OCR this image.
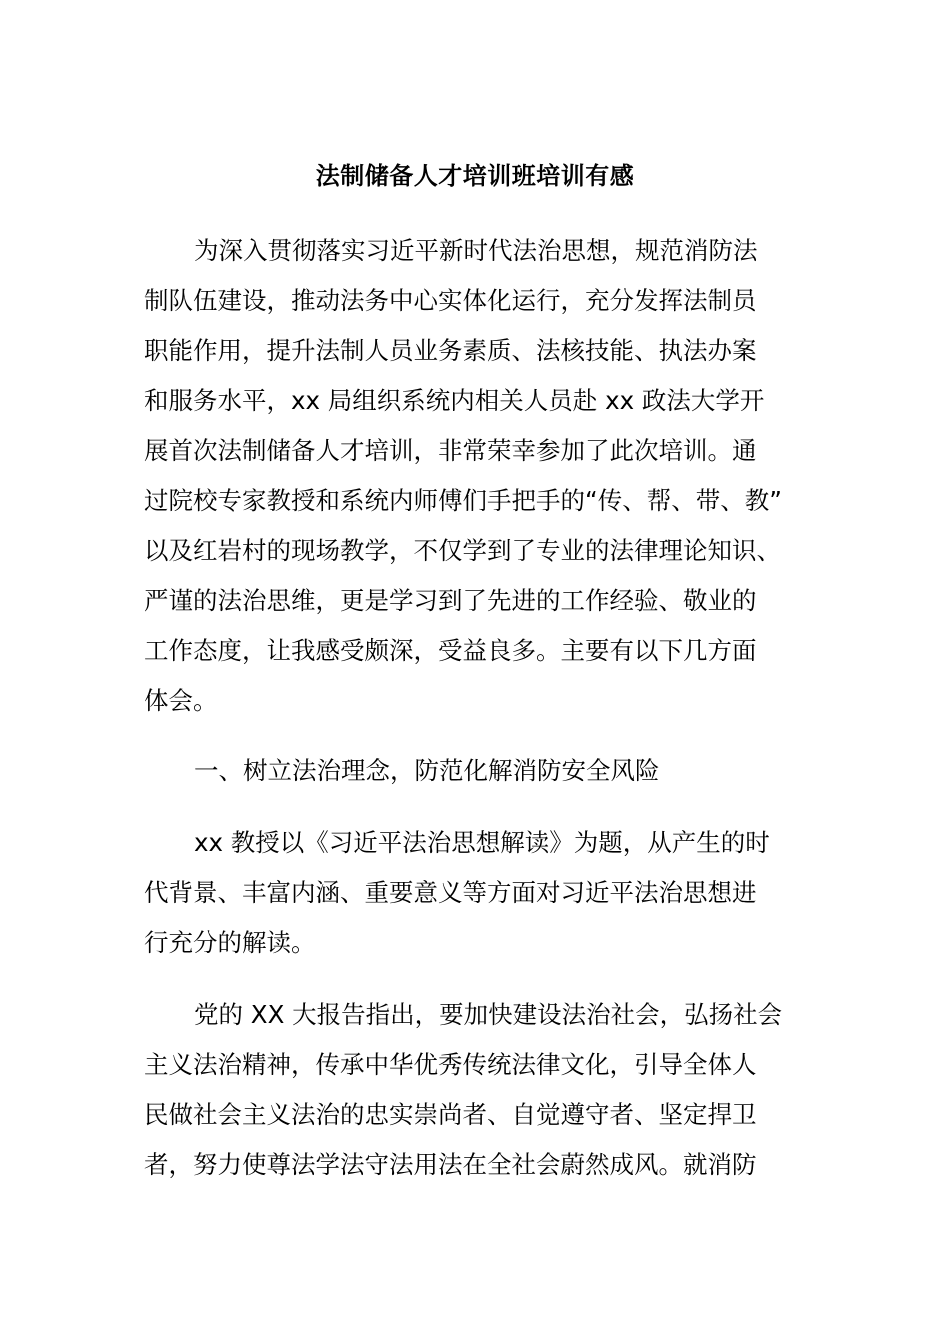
法制储备人才培训班培训有感
为深入贯彻落实习近平新时代法治思想，规范消防法
制队伍建设，推动法务中心实体化运行，充分发挥法制员
职能作用，提升法制人员业务素质、法核技能、执法办案
和服务水平，xx 局组织系统内相关人员赴 xx 政法大学开
展首次法制储备人才培训，非常荣幸参加了此次培训。通
过院校专家教授和系统内师傅们手把手的“传、帮、带、教”
以及红岩村的现场教学，不仅学到了专业的法律理论知识、
严谨的法治思维，更是学习到了先进的工作经验、敬业的
工作态度，让我感受颇深，受益良多。主要有以下几方面
体会。
一、树立法治理念，防范化解消防安全风险
xx 教授以《习近平法治思想解读》为题，从产生的时
代背景、丰富内涵、重要意义等方面对习近平法治思想进
行充分的解读。
党的 XX 大报告指出，要加快建设法治社会，弘扬社会
主义法治精神，传承中华优秀传统法律文化，引导全体人
民做社会主义法治的忠实崇尚者、自觉遵守者、坚定捍卫
者，努力使尊法学法守法用法在全社会蔚然成风。就消防
